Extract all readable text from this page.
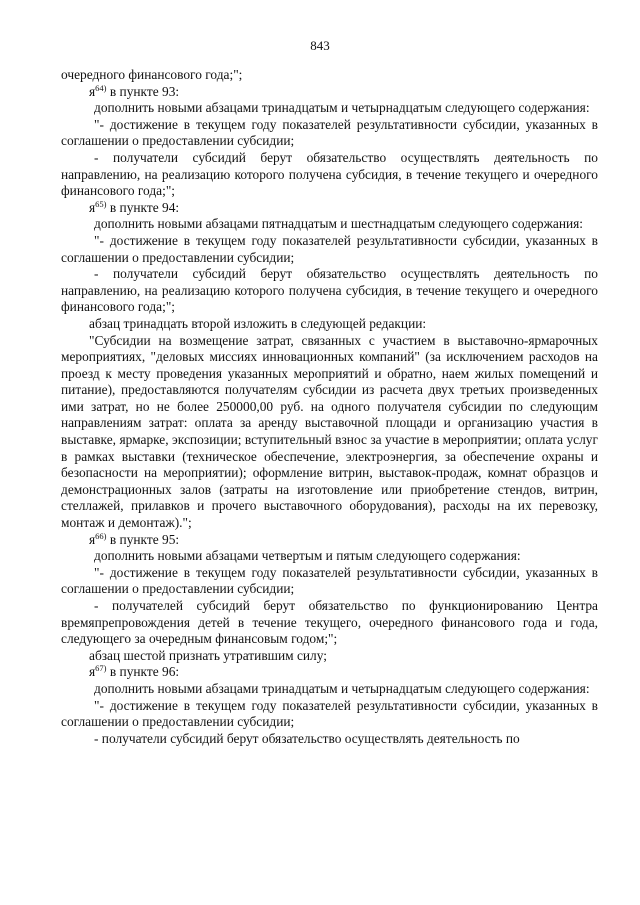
843

очередного финансового года;";

$я^{64)}$ в пункте 93:

дополнить новыми абзацами тринадцатым и четырнадцатым следующего содержания:

"- достижение в текущем году показателей результативности субсидии, указанных в соглашении о предоставлении субсидии;

- получатели субсидий берут обязательство осуществлять деятельность по направлению, на реализацию которого получена субсидия, в течение текущего и очередного финансового года;";

$я^{65)}$ в пункте 94:

дополнить новыми абзацами пятнадцатым и шестнадцатым следующего содержания:

"- достижение в текущем году показателей результативности субсидии, указанных в соглашении о предоставлении субсидии;

- получатели субсидий берут обязательство осуществлять деятельность по направлению, на реализацию которого получена субсидия, в течение текущего и очередного финансового года;";

абзац тринадцать второй изложить в следующей редакции:

"Субсидии на возмещение затрат, связанных с участием в выставочно-ярмарочных мероприятиях, "деловых миссиях инновационных компаний" (за исключением расходов на проезд к месту проведения указанных мероприятий и обратно, наем жилых помещений и питание), предоставляются получателям субсидии из расчета двух третьих произведенных ими затрат, но не более 250000,00 руб. на одного получателя субсидии по следующим направлениям затрат: оплата за аренду выставочной площади и организацию участия в выставке, ярмарке, экспозиции; вступительный взнос за участие в мероприятии; оплата услуг в рамках выставки (техническое обеспечение, электроэнергия, за обеспечение охраны и безопасности на мероприятии); оформление витрин, выставок-продаж, комнат образцов и демонстрационных залов (затраты на изготовление или приобретение стендов, витрин, стеллажей, прилавков и прочего выставочного оборудования), расходы на их перевозку, монтаж и демонтаж).";

$я^{66)}$ в пункте 95:

дополнить новыми абзацами четвертым и пятым следующего содержания:

"- достижение в текущем году показателей результативности субсидии, указанных в соглашении о предоставлении субсидии;

- получателей субсидий берут обязательство по функционированию Центра времяпрепровождения детей в течение текущего, очередного финансового года и года, следующего за очередным финансовым годом;";

абзац шестой признать утратившим силу;

$я^{67)}$ в пункте 96:

дополнить новыми абзацами тринадцатым и четырнадцатым следующего содержания:

"- достижение в текущем году показателей результативности субсидии, указанных в соглашении о предоставлении субсидии;

- получатели субсидий берут обязательство осуществлять деятельность по
